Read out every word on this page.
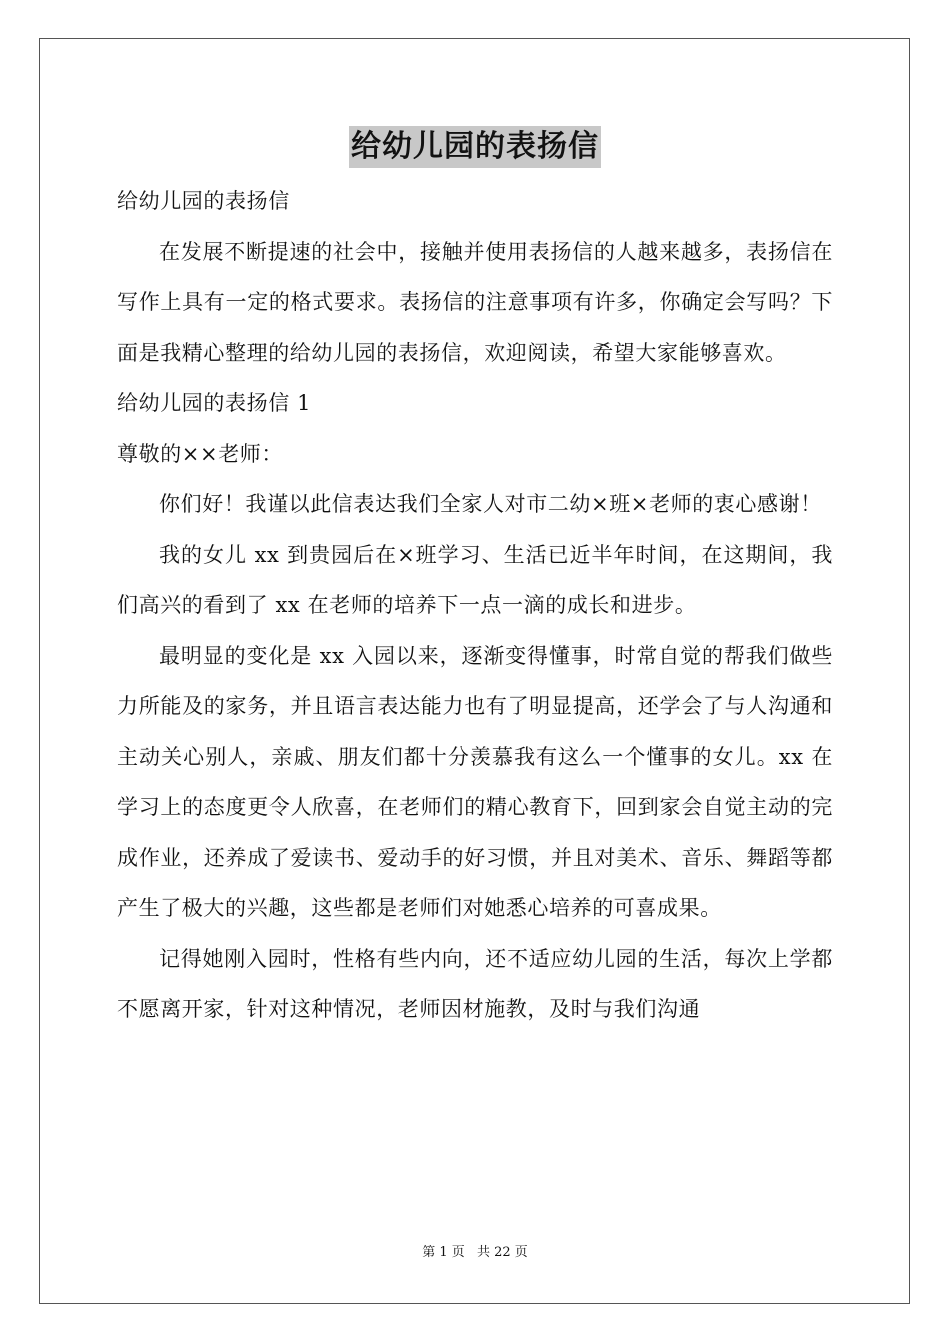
给幼儿园的表扬信

给幼儿园的表扬信

在发展不断提速的社会中，接触并使用表扬信的人越来越多，表扬信在写作上具有一定的格式要求。表扬信的注意事项有许多，你确定会写吗？下面是我精心整理的给幼儿园的表扬信，欢迎阅读，希望大家能够喜欢。

给幼儿园的表扬信 1

尊敬的××老师：

你们好！我谨以此信表达我们全家人对市二幼×班×老师的衷心感谢！

我的女儿 xx 到贵园后在×班学习、生活已近半年时间，在这期间，我们高兴的看到了 xx 在老师的培养下一点一滴的成长和进步。

最明显的变化是 xx 入园以来，逐渐变得懂事，时常自觉的帮我们做些力所能及的家务，并且语言表达能力也有了明显提高，还学会了与人沟通和主动关心别人，亲戚、朋友们都十分羡慕我有这么一个懂事的女儿。xx 在学习上的态度更令人欣喜，在老师们的精心教育下，回到家会自觉主动的完成作业，还养成了爱读书、爱动手的好习惯，并且对美术、音乐、舞蹈等都产生了极大的兴趣，这些都是老师们对她悉心培养的可喜成果。

记得她刚入园时，性格有些内向，还不适应幼儿园的生活，每次上学都不愿离开家，针对这种情况，老师因材施教，及时与我们沟通

第 1 页 共 22 页
